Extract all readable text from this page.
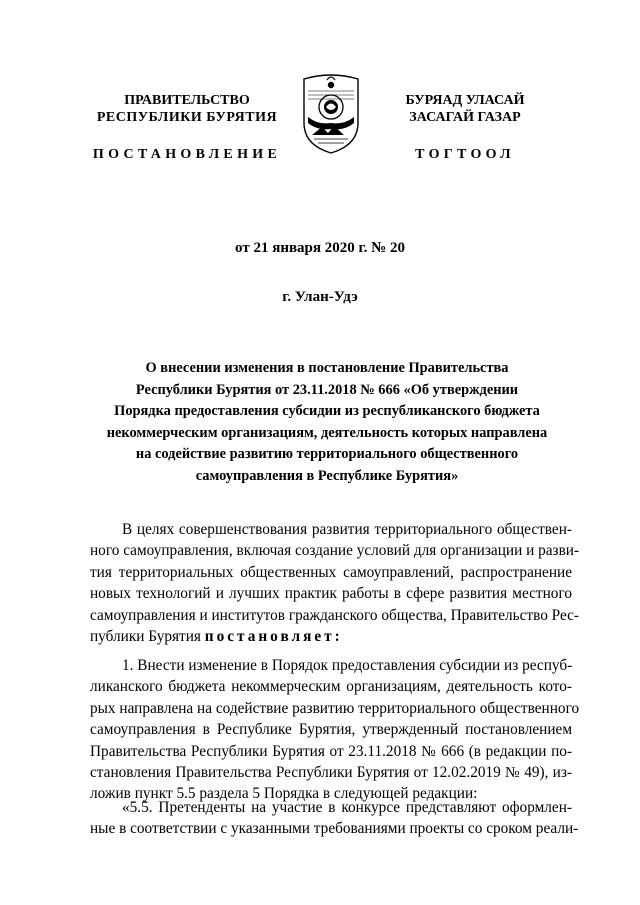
ПРАВИТЕЛЬСТВО
РЕСПУБЛИКИ БУРЯТИЯ
ПОСТАНОВЛЕНИЕ
БУРЯАД УЛАСАЙ
ЗАСАГАЙ ГАЗАР
ТОГТООЛ
от 21 января 2020 г. № 20
г. Улан-Удэ
О внесении изменения в постановление Правительства
Республики Бурятия от 23.11.2018 № 666 «Об утверждении
Порядка предоставления субсидии из республиканского бюджета
некоммерческим организациям, деятельность которых направлена
на содействие развитию территориального общественного
самоуправления в Республике Бурятия»
В целях совершенствования развития территориального обществен-
ного самоуправления, включая создание условий для организации и разви-
тия территориальных общественных самоуправлений, распространение
новых технологий и лучших практик работы в сфере развития местного
самоуправления и институтов гражданского общества, Правительство Рес-
публики Бурятия постановляет:
1. Внести изменение в Порядок предоставления субсидии из респуб-
ликанского бюджета некоммерческим организациям, деятельность кото-
рых направлена на содействие развитию территориального общественного
самоуправления в Республике Бурятия, утвержденный постановлением
Правительства Республики Бурятия от 23.11.2018 № 666 (в редакции по-
становления Правительства Республики Бурятия от 12.02.2019 № 49), из-
ложив пункт 5.5 раздела 5 Порядка в следующей редакции:
«5.5. Претенденты на участие в конкурсе представляют оформлен-
ные в соответствии с указанными требованиями проекты со сроком реали-
